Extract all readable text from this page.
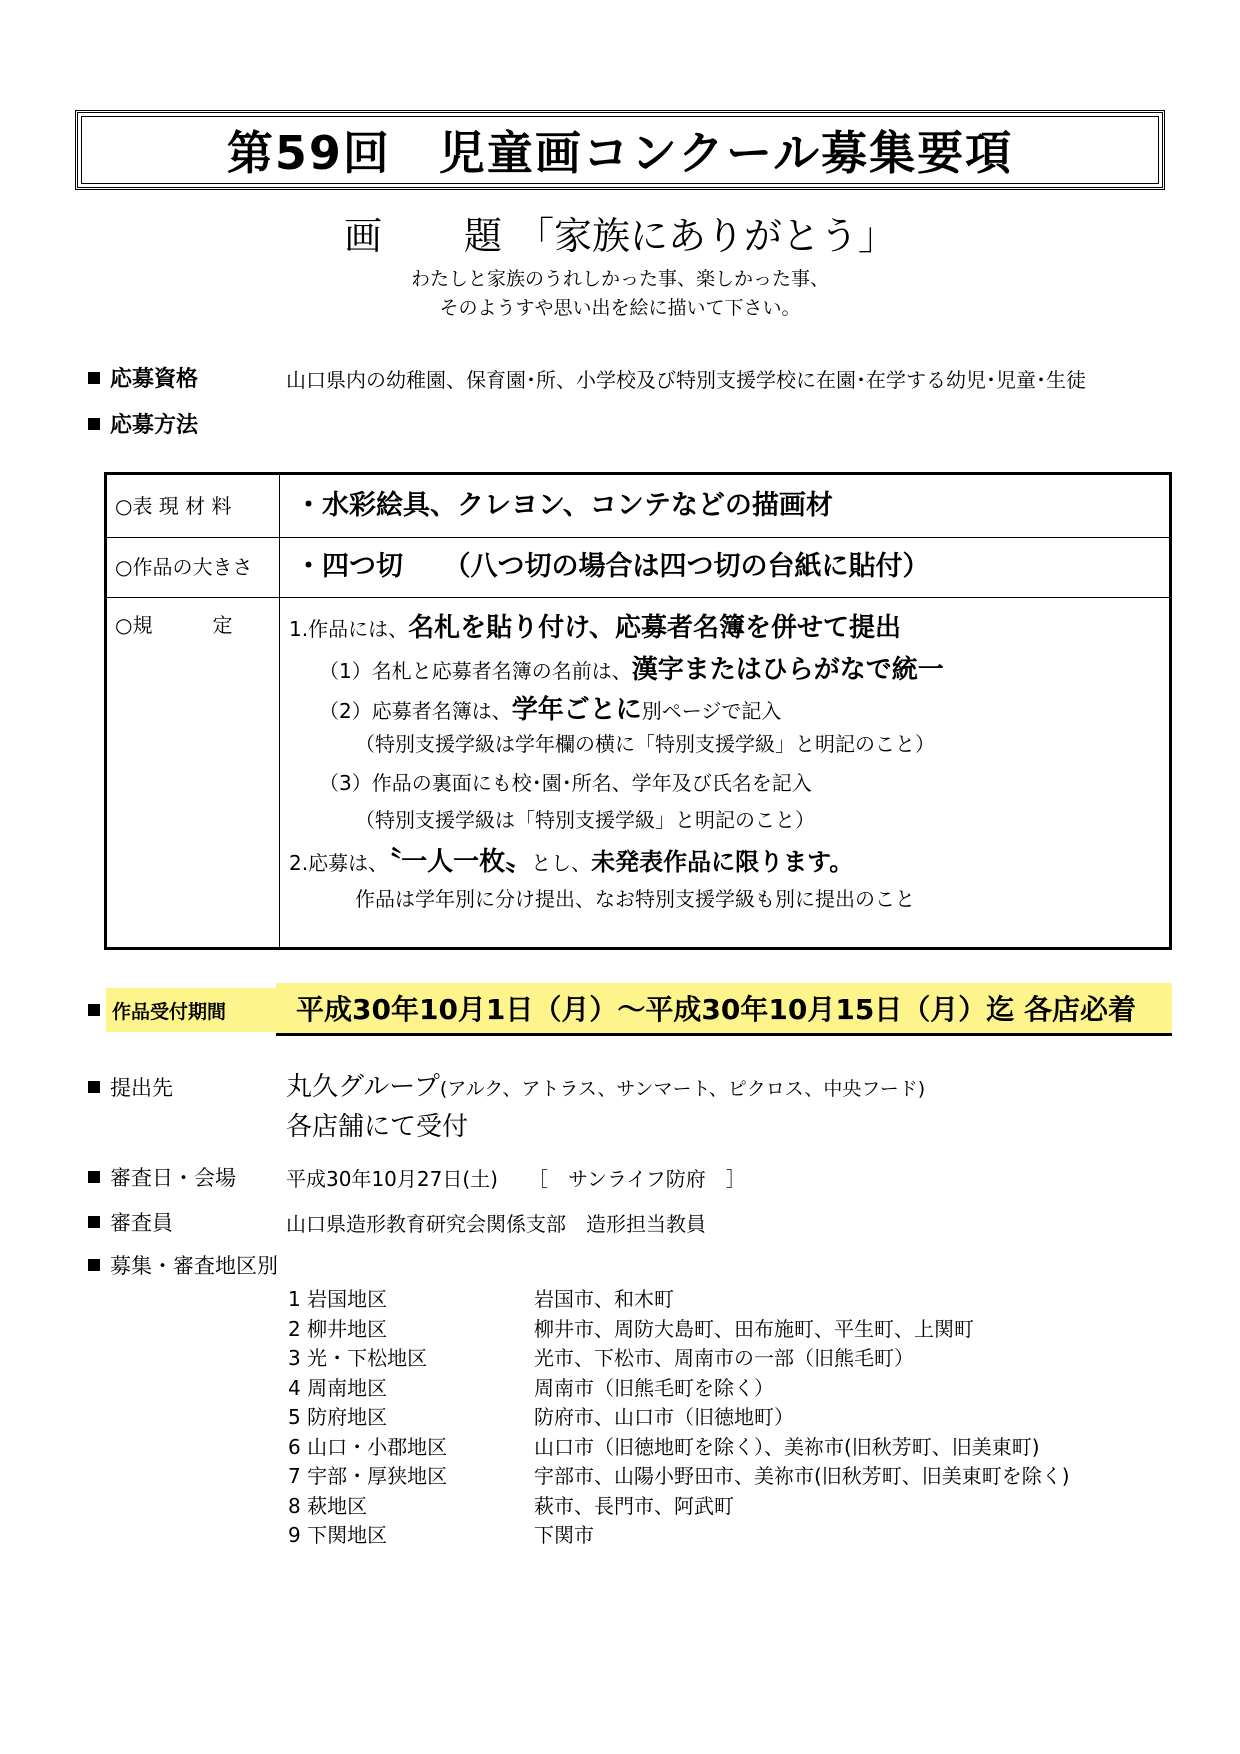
第59回　児童画コンクール募集要項
画　題「家族にありがとう」
わたしと家族のうれしかった事、楽しかった事、
そのようすや思い出を絵に描いて下さい。
応募資格	山口県内の幼稚園、保育園･所、小学校及び特別支援学校に在園･在学する幼児･児童･生徒
応募方法
○表 現 材 料	・水彩絵具、クレヨン、コンテなどの描画材
○作品の大きさ	・四つ切　　（八つ切の場合は四つ切の台紙に貼付）
○規　　　定	1.作品には、名札を貼り付け、応募者名簿を併せて提出
（1）名札と応募者名簿の名前は、漢字またはひらがなで統一
（2）応募者名簿は、学年ごとに別ページで記入
（特別支援学級は学年欄の横に「特別支援学級」と明記のこと）
（3）作品の裏面にも校･園･所名、学年及び氏名を記入
（特別支援学級は「特別支援学級」と明記のこと）
2.応募は、〝一人一枚〟とし、未発表作品に限ります。
作品は学年別に分け提出、なお特別支援学級も別に提出のこと
作品受付期間	平成30年10月1日（月）～平成30年10月15日（月）迄 各店必着
提出先	丸久グループ(アルク、アトラス、サンマート、ピクロス、中央フード)
各店舗にて受付
審査日・会場	平成30年10月27日(土)　　［　サンライフ防府　］
審査員	山口県造形教育研究会関係支部　造形担当教員
募集・審査地区別
1 岩国地区	岩国市、和木町
2 柳井地区	柳井市、周防大島町、田布施町、平生町、上関町
3 光・下松地区	光市、下松市、周南市の一部（旧熊毛町）
4 周南地区	周南市（旧熊毛町を除く）
5 防府地区	防府市、山口市（旧徳地町）
6 山口・小郡地区	山口市（旧徳地町を除く）、美祢市(旧秋芳町、旧美東町)
7 宇部・厚狭地区	宇部市、山陽小野田市、美祢市(旧秋芳町、旧美東町を除く)
8 萩地区	萩市、長門市、阿武町
9 下関地区	下関市
